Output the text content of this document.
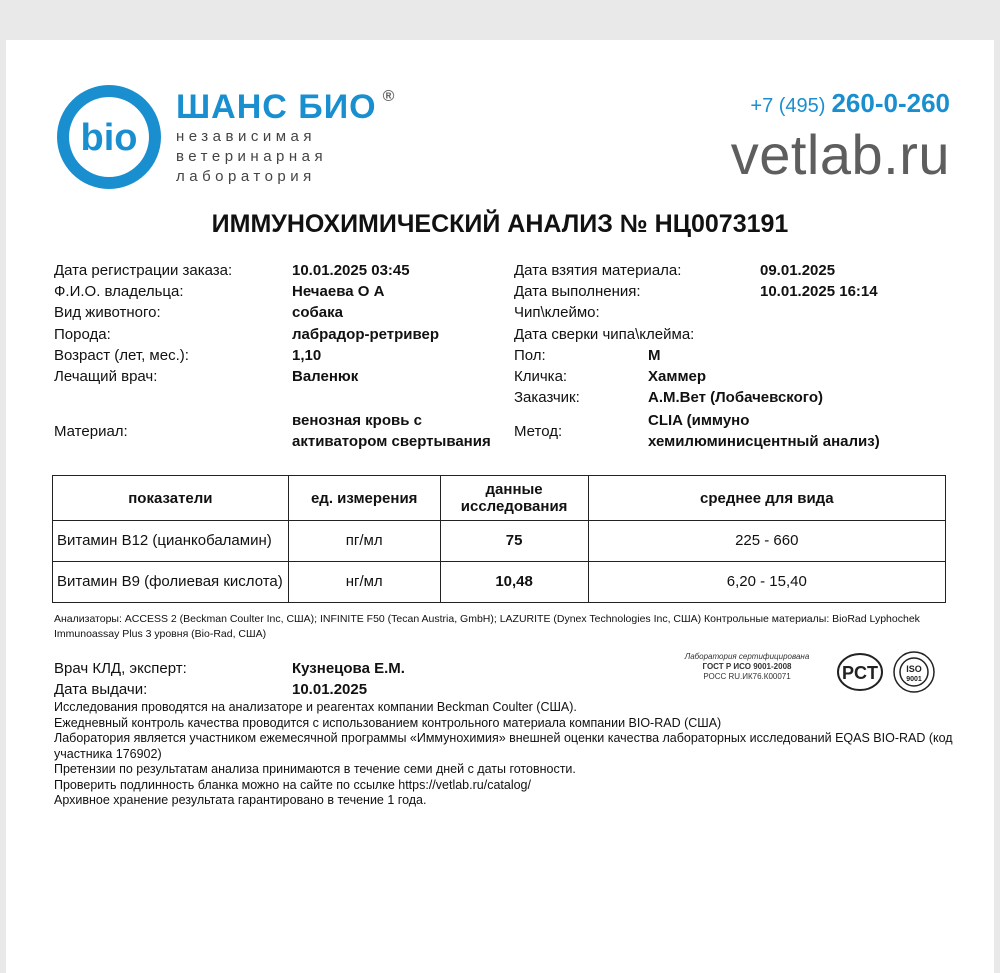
bio
ШАНС БИО ®
независимая
ветеринарная
лаборатория
+7 (495) 260-0-260
vetlab.ru
ИММУНОХИМИЧЕСКИЙ АНАЛИЗ № НЦ0073191
Дата регистрации заказа:	10.01.2025 03:45
Ф.И.О. владельца:	Нечаева О А
Вид животного:	собака
Порода:	лабрадор-ретривер
Возраст (лет, мес.):	1,10
Лечащий врач:	Валенюк
Материал:
венозная кровь с
активатором свертывания
Дата взятия материала:	09.01.2025
Дата выполнения:	10.01.2025 16:14
Чип\клеймо:
Дата сверки чипа\клейма:
Пол:	М
Кличка:	Хаммер
Заказчик:	А.М.Вет (Лобачевского)
Метод:
CLIA (иммуно
хемилюминисцентный анализ)
показатели	ед. измерения	данные исследования	среднее для вида
Витамин В12 (цианкобаламин)	пг/мл	75	225 - 660
Витамин В9 (фолиевая кислота)	нг/мл	10,48	6,20 - 15,40
Анализаторы: ACCESS 2 (Beckman Coulter Inc, США); INFINITE F50 (Tecan Austria, GmbH); LAZURITE (Dynex Technologies Inc, США) Контрольные материалы: BioRad Lyphochek Immunoassay Plus 3 уровня (Bio-Rad, США)
Врач КЛД, эксперт:	Кузнецова Е.М.
Дата выдачи:	10.01.2025
Лаборатория сертифицирована
ГОСТ Р ИСО 9001-2008
РОСС RU.ИК76.К00071	PCT	ISO
9001
Исследования проводятся на анализаторе и реагентах компании Beckman Coulter (США).
Ежедневный контроль качества проводится с использованием контрольного материала компании BIO-RAD (США)
Лаборатория является участником ежемесячной программы «Иммунохимия» внешней оценки качества лабораторных исследований EQAS BIO-RAD (код участника 176902)
Претензии по результатам анализа принимаются в течение семи дней с даты готовности.
Проверить подлинность бланка можно на сайте по ссылке https://vetlab.ru/catalog/
Архивное хранение результата гарантировано в течение 1 года.
